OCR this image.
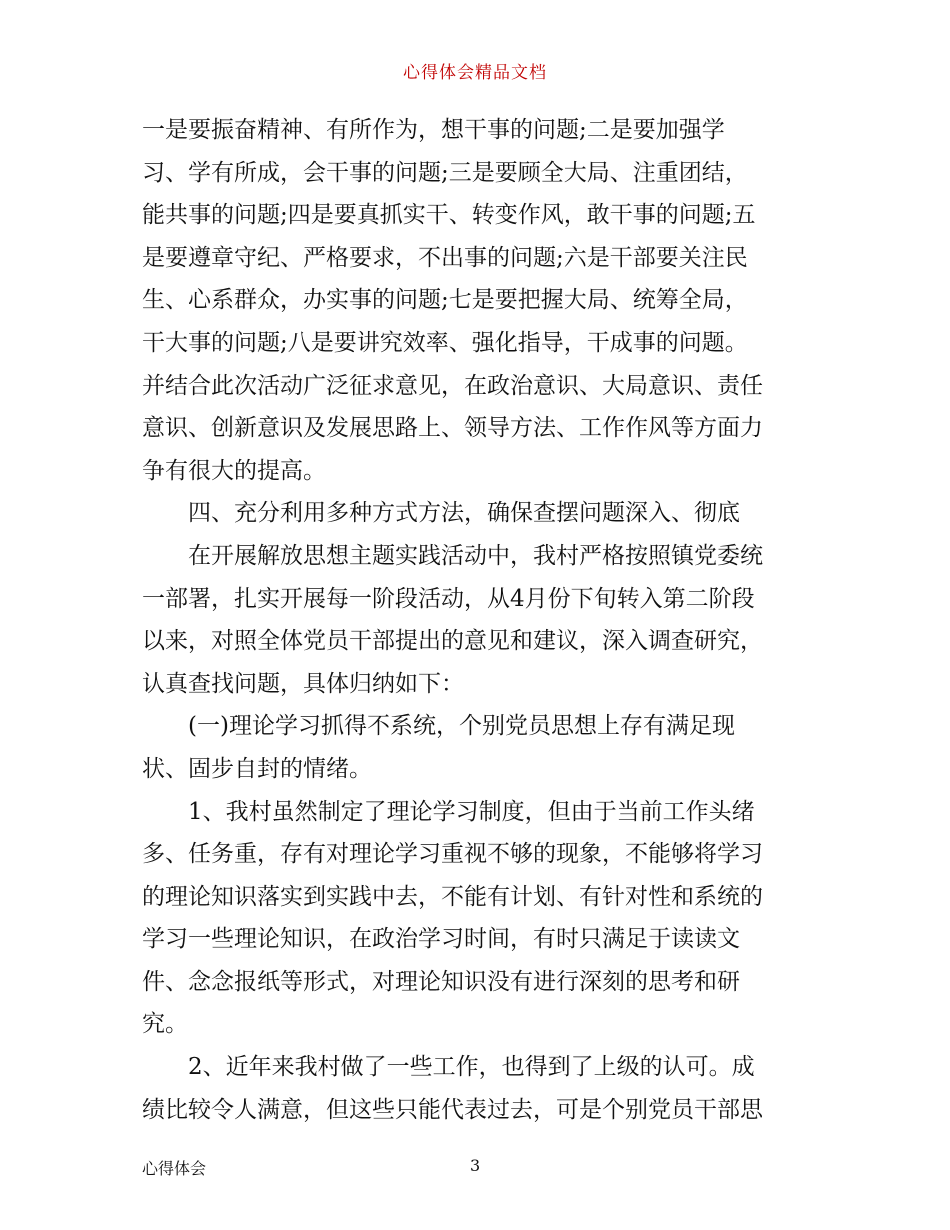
心得体会精品文档
一是要振奋精神、有所作为，想干事的问题;二是要加强学
习、学有所成，会干事的问题;三是要顾全大局、注重团结，
能共事的问题;四是要真抓实干、转变作风，敢干事的问题;五
是要遵章守纪、严格要求，不出事的问题;六是干部要关注民
生、心系群众，办实事的问题;七是要把握大局、统筹全局，
干大事的问题;八是要讲究效率、强化指导，干成事的问题。
并结合此次活动广泛征求意见，在政治意识、大局意识、责任
意识、创新意识及发展思路上、领导方法、工作作风等方面力
争有很大的提高。
四、充分利用多种方式方法，确保查摆问题深入、彻底
在开展解放思想主题实践活动中，我村严格按照镇党委统
一部署，扎实开展每一阶段活动，从4月份下旬转入第二阶段
以来，对照全体党员干部提出的意见和建议，深入调查研究，
认真查找问题，具体归纳如下：
(一)理论学习抓得不系统，个别党员思想上存有满足现
状、固步自封的情绪。
1、我村虽然制定了理论学习制度，但由于当前工作头绪
多、任务重，存有对理论学习重视不够的现象，不能够将学习
的理论知识落实到实践中去，不能有计划、有针对性和系统的
学习一些理论知识，在政治学习时间，有时只满足于读读文
件、念念报纸等形式，对理论知识没有进行深刻的思考和研
究。
2、近年来我村做了一些工作，也得到了上级的认可。成
绩比较令人满意，但这些只能代表过去，可是个别党员干部思
心得体会	3
